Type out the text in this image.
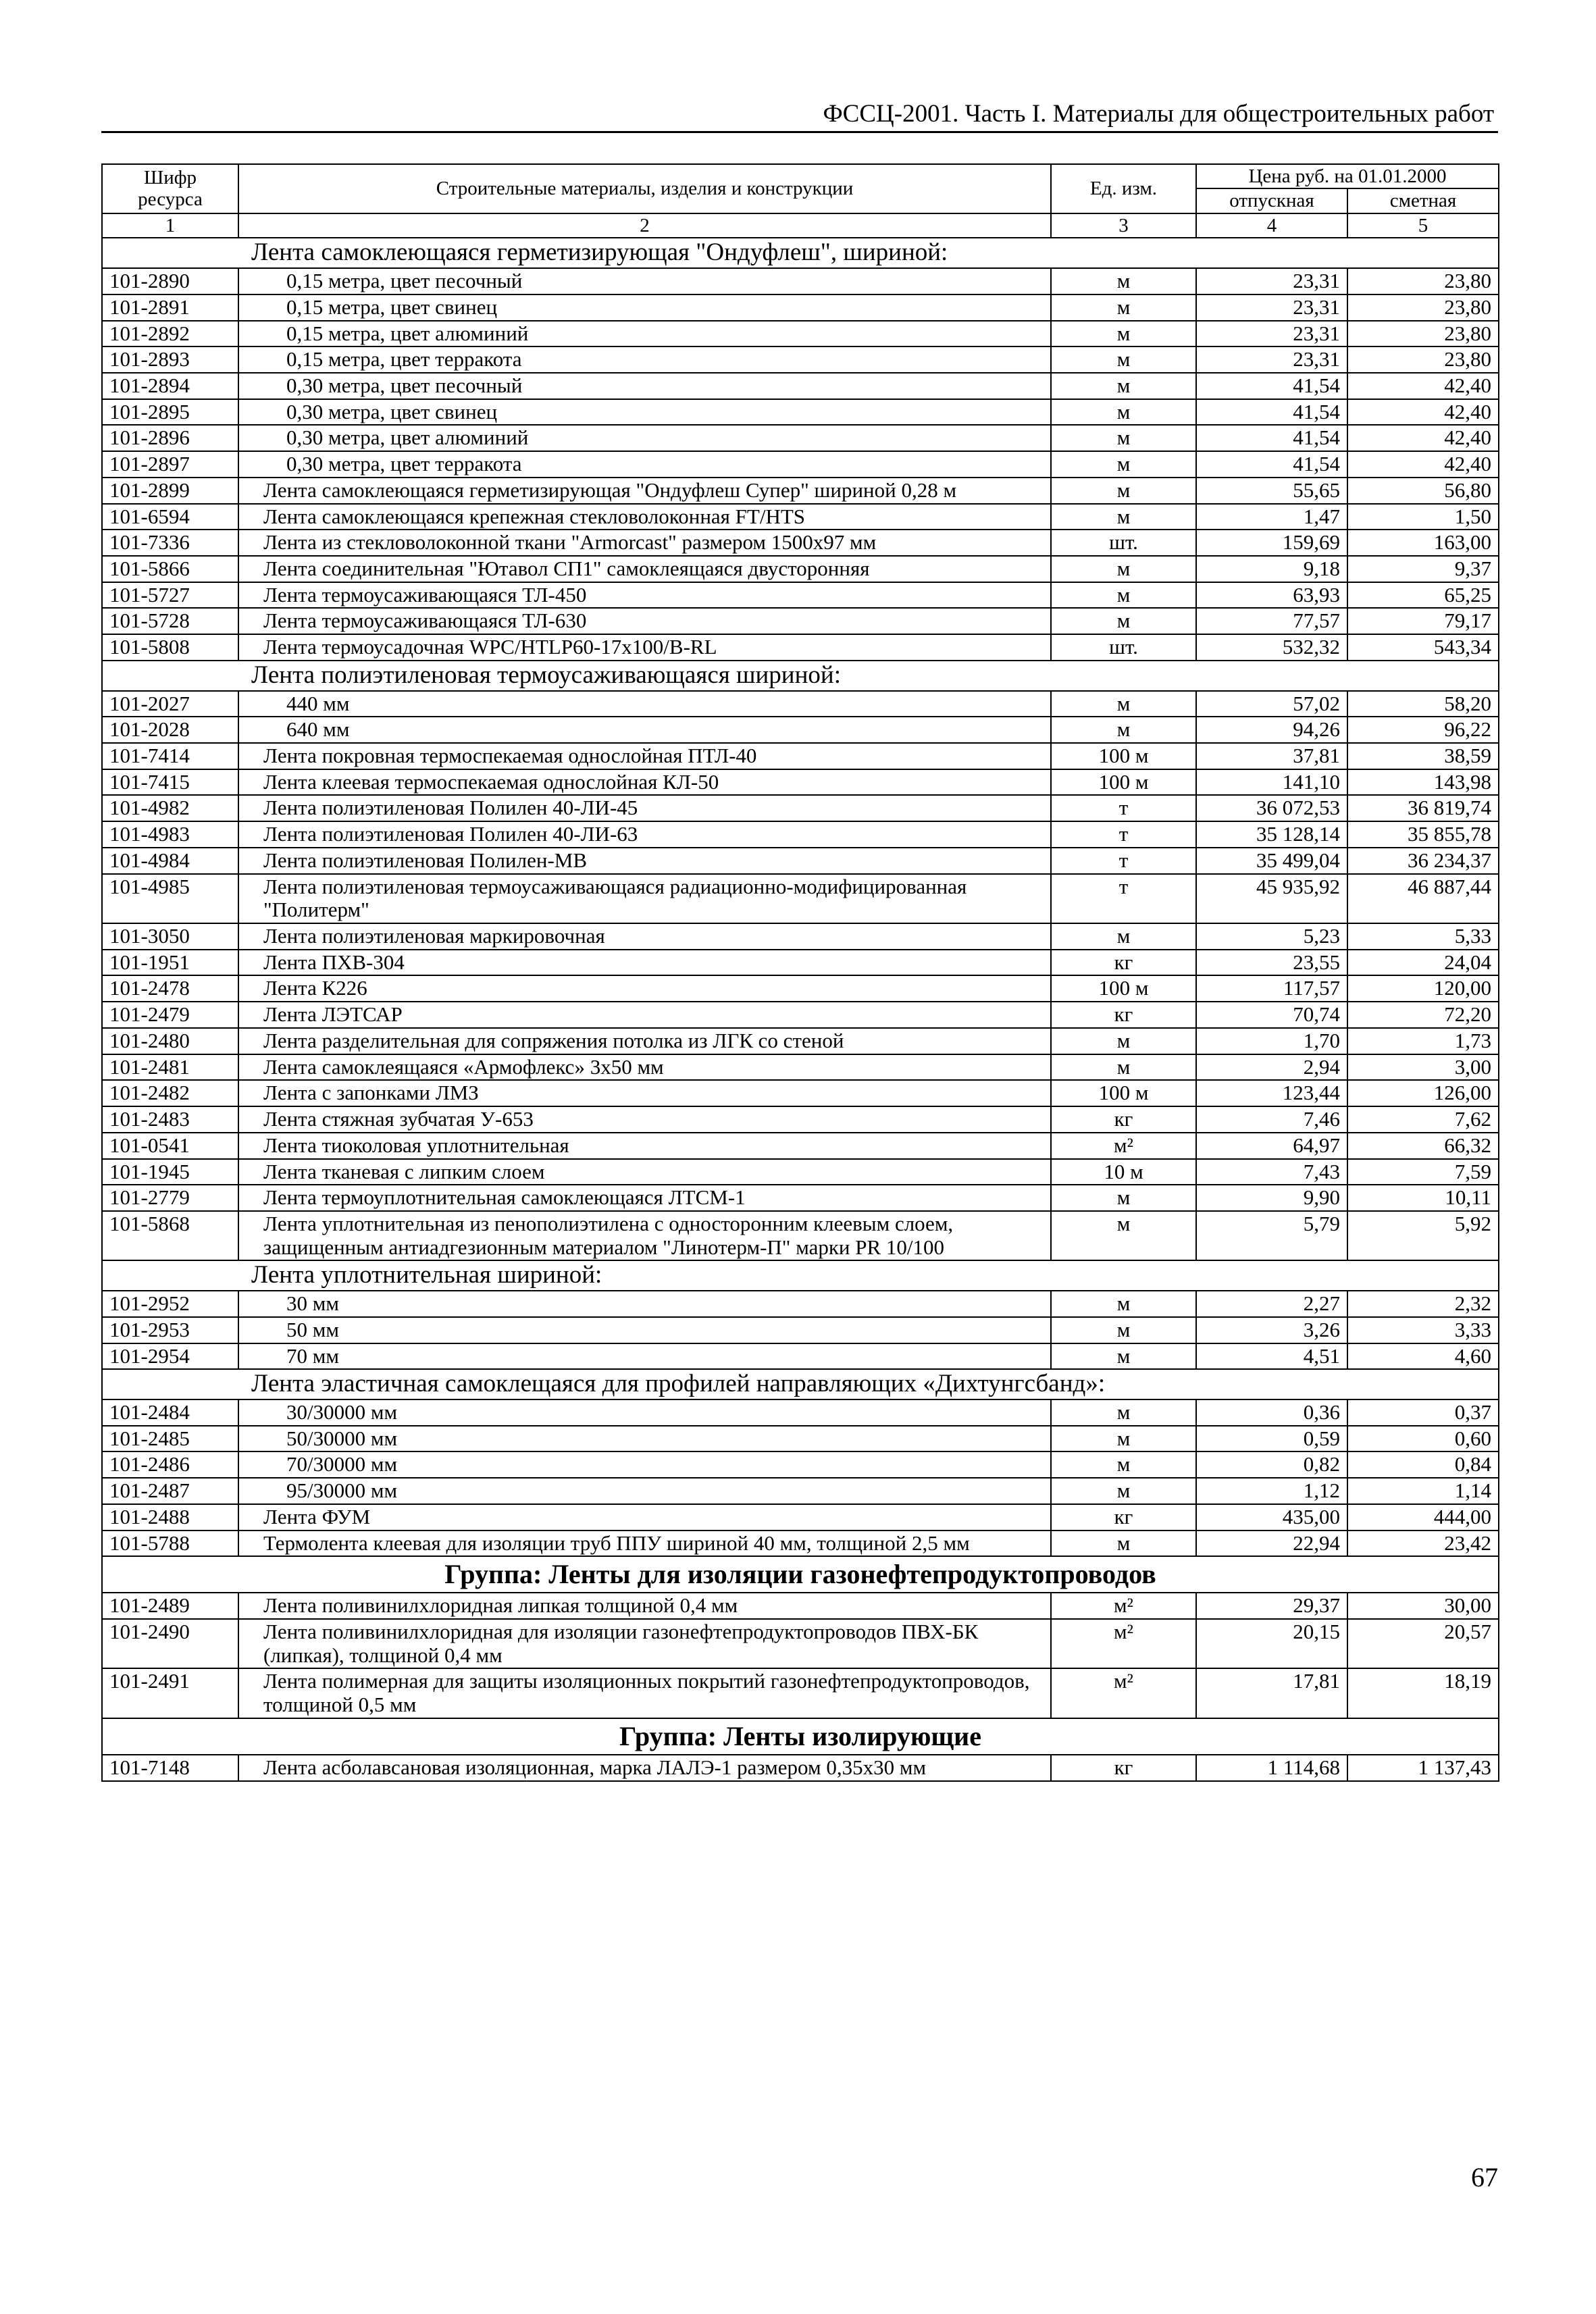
ФССЦ-2001. Часть I. Материалы для общестроительных работ
Шифр ресурса	Строительные материалы, изделия и конструкции	Ед. изм.	Цена руб. на 01.01.2000	
			отпускная	сметная
1	2	3	4	5
Лента самоклеющаяся герметизирующая "Ондуфлеш", шириной:				
101-2890	0,15 метра, цвет песочный	м	23,31	23,80
101-2891	0,15 метра, цвет свинец	м	23,31	23,80
101-2892	0,15 метра, цвет алюминий	м	23,31	23,80
101-2893	0,15 метра, цвет терракота	м	23,31	23,80
101-2894	0,30 метра, цвет песочный	м	41,54	42,40
101-2895	0,30 метра, цвет свинец	м	41,54	42,40
101-2896	0,30 метра, цвет алюминий	м	41,54	42,40
101-2897	0,30 метра, цвет терракота	м	41,54	42,40
101-2899	Лента самоклеющаяся герметизирующая "Ондуфлеш Супер" шириной 0,28 м	м	55,65	56,80
101-6594	Лента самоклеющаяся крепежная стекловолоконная FT/HTS	м	1,47	1,50
101-7336	Лента из стекловолоконной ткани "Armorcast" размером 1500х97 мм	шт.	159,69	163,00
101-5866	Лента соединительная "Ютавол СП1" самоклеящаяся двусторонняя	м	9,18	9,37
101-5727	Лента термоусаживающаяся ТЛ-450	м	63,93	65,25
101-5728	Лента термоусаживающаяся ТЛ-630	м	77,57	79,17
101-5808	Лента термоусадочная WPC/HTLP60-17x100/B-RL	шт.	532,32	543,34
Лента полиэтиленовая термоусаживающаяся шириной:				
101-2027	440 мм	м	57,02	58,20
101-2028	640 мм	м	94,26	96,22
101-7414	Лента покровная термоспекаемая однослойная ПТЛ-40	100 м	37,81	38,59
101-7415	Лента клеевая термоспекаемая однослойная КЛ-50	100 м	141,10	143,98
101-4982	Лента полиэтиленовая Полилен 40-ЛИ-45	т	36 072,53	36 819,74
101-4983	Лента полиэтиленовая Полилен 40-ЛИ-63	т	35 128,14	35 855,78
101-4984	Лента полиэтиленовая Полилен-МВ	т	35 499,04	36 234,37
101-4985	Лента полиэтиленовая термоусаживающаяся радиационно-модифицированная "Политерм"	т	45 935,92	46 887,44
101-3050	Лента полиэтиленовая маркировочная	м	5,23	5,33
101-1951	Лента ПХВ-304	кг	23,55	24,04
101-2478	Лента К226	100 м	117,57	120,00
101-2479	Лента ЛЭТСАР	кг	70,74	72,20
101-2480	Лента разделительная для сопряжения потолка из ЛГК со стеной	м	1,70	1,73
101-2481	Лента самоклеящаяся «Армофлекс» 3х50 мм	м	2,94	3,00
101-2482	Лента с запонками ЛМЗ	100 м	123,44	126,00
101-2483	Лента стяжная зубчатая У-653	кг	7,46	7,62
101-0541	Лента тиоколовая уплотнительная	м²	64,97	66,32
101-1945	Лента тканевая с липким слоем	10 м	7,43	7,59
101-2779	Лента термоуплотнительная самоклеющаяся ЛТСМ-1	м	9,90	10,11
101-5868	Лента уплотнительная из пенополиэтилена с односторонним клеевым слоем, защищенным антиадгезионным материалом "Линотерм-П" марки PR 10/100	м	5,79	5,92
Лента уплотнительная шириной:				
101-2952	30 мм	м	2,27	2,32
101-2953	50 мм	м	3,26	3,33
101-2954	70 мм	м	4,51	4,60
Лента эластичная самоклещаяся для профилей направляющих «Дихтунгсбанд»:				
101-2484	30/30000 мм	м	0,36	0,37
101-2485	50/30000 мм	м	0,59	0,60
101-2486	70/30000 мм	м	0,82	0,84
101-2487	95/30000 мм	м	1,12	1,14
101-2488	Лента ФУМ	кг	435,00	444,00
101-5788	Термолента клеевая для изоляции труб ППУ шириной 40 мм, толщиной 2,5 мм	м	22,94	23,42
Группа: Ленты для изоляции газонефтепродуктопроводов				
101-2489	Лента поливинилхлоридная липкая толщиной 0,4 мм	м²	29,37	30,00
101-2490	Лента поливинилхлоридная для изоляции газонефтепродуктопроводов ПВХ-БК (липкая), толщиной 0,4 мм	м²	20,15	20,57
101-2491	Лента полимерная для защиты изоляционных покрытий газонефтепродуктопроводов, толщиной 0,5 мм	м²	17,81	18,19
Группа: Ленты изолирующие				
101-7148	Лента асболавсановая изоляционная, марка ЛАЛЭ-1 размером 0,35х30 мм	кг	1 114,68	1 137,43
67
